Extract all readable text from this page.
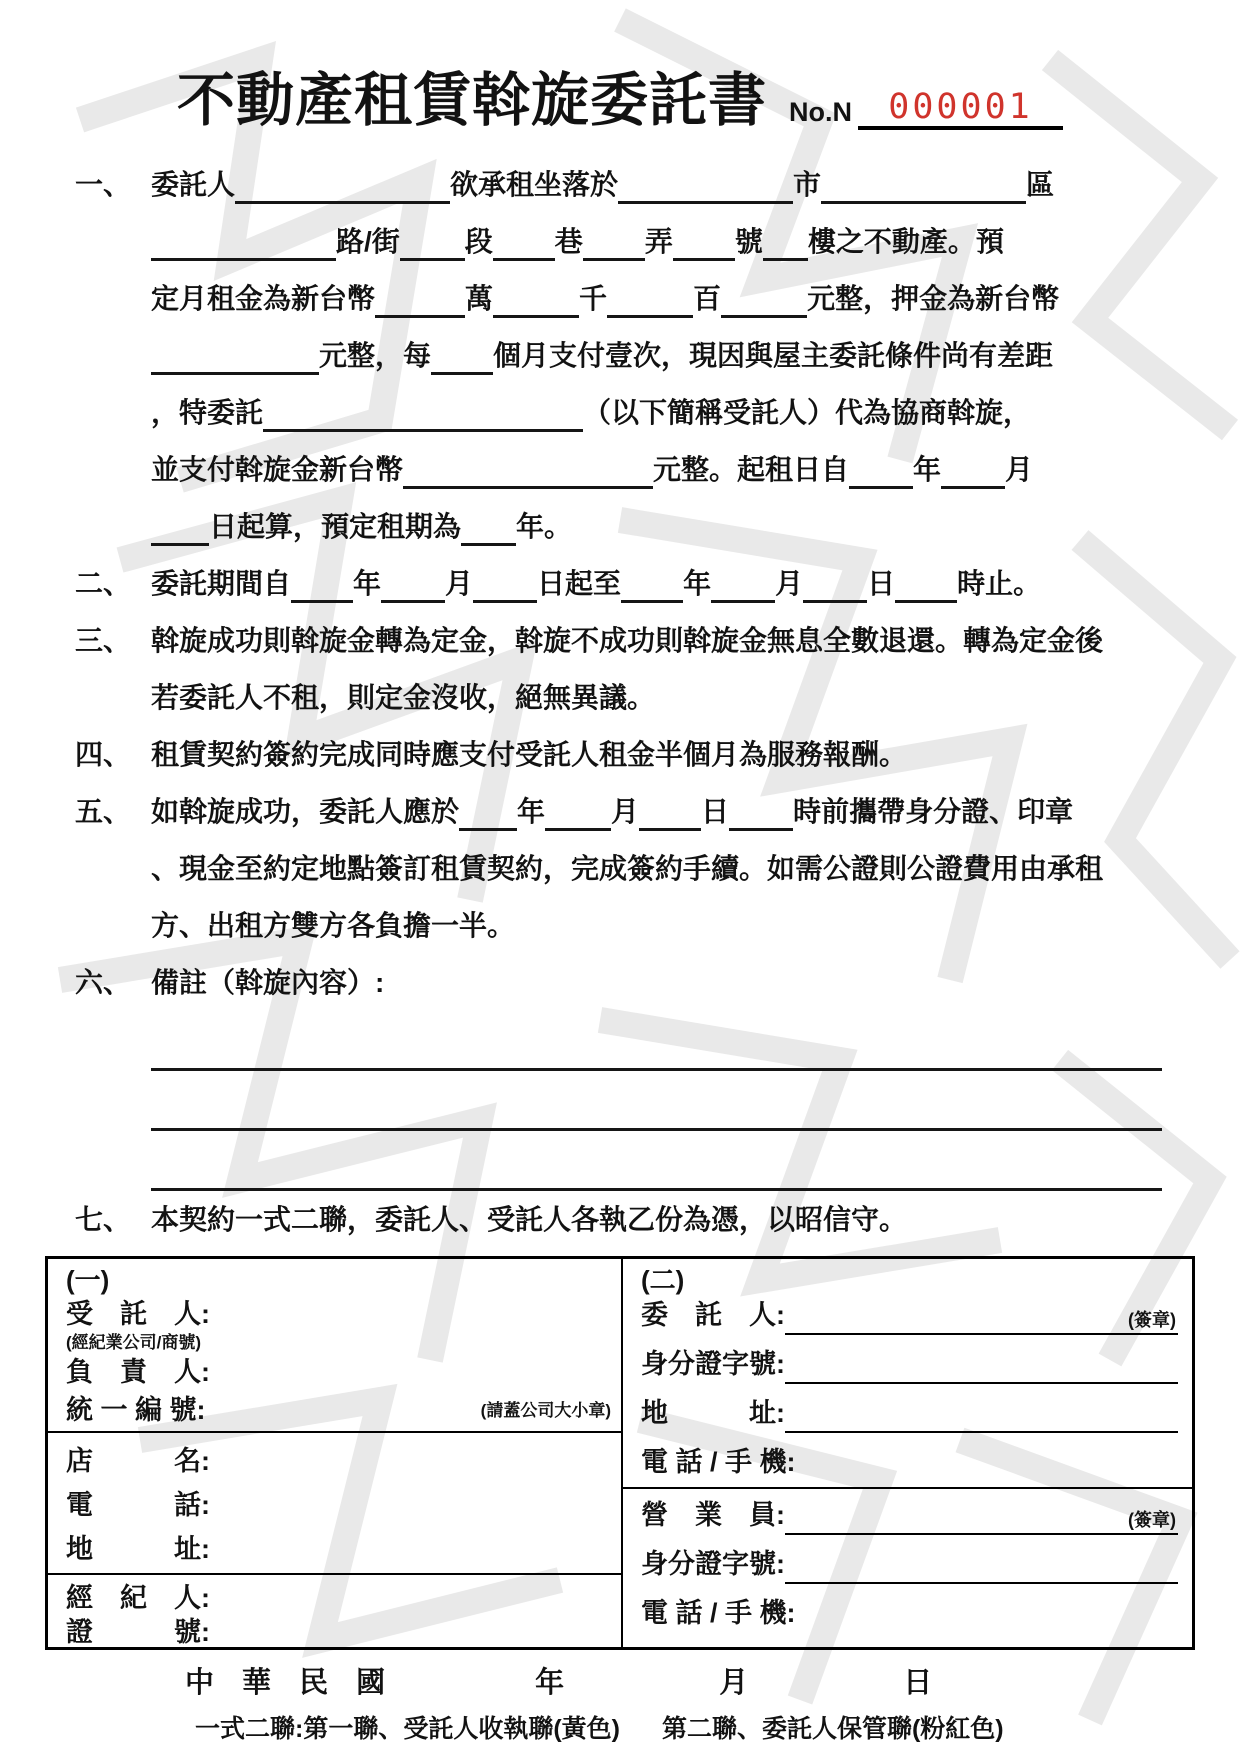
不動產租賃斡旋委託書 No.N	000001
一、 委託人	欲承租坐落於	市	區
路/街 段 巷 弄 號 樓之不動產。預
定月租金為新台幣	萬	千	百	元整，押金為新台幣
元整，每 個月支付壹次，現因與屋主委託條件尚有差距
，特委託	（以下簡稱受託人）代為協商斡旋，
並支付斡旋金新台幣	元整。起租日自 年 月
日起算，預定租期為 年。
二、 委託期間自 年 月 日起至 年 月 日 時止。
三、 斡旋成功則斡旋金轉為定金，斡旋不成功則斡旋金無息全數退還。轉為定金後
若委託人不租，則定金沒收，絕無異議。
四、 租賃契約簽約完成同時應支付受託人租金半個月為服務報酬。
五、 如斡旋成功，委託人應於 年 月 日 時前攜帶身分證、印章
、現金至約定地點簽訂租賃契約，完成簽約手續。如需公證則公證費用由承租
方、出租方雙方各負擔一半。
六、 備註（斡旋內容）:
七、 本契約一式二聯，委託人、受託人各執乙份為憑，以昭信守。
(一)
受　託　人:
(經紀業公司/商號)
負　責　人:
統 一 編 號:	(請蓋公司大小章)
店　　　名:
電　　　話:
地　　　址:
經　紀　人:
證　　　號:
(二)
委　託　人:	(簽章)
身分證字號:
地　　　址:
電 話 / 手 機:
營　業　員:	(簽章)
身分證字號:
電 話 / 手 機:
中 華 民 國	年	月	日
一式二聯:第一聯、受託人收執聯(黃色) 第二聯、委託人保管聯(粉紅色)
